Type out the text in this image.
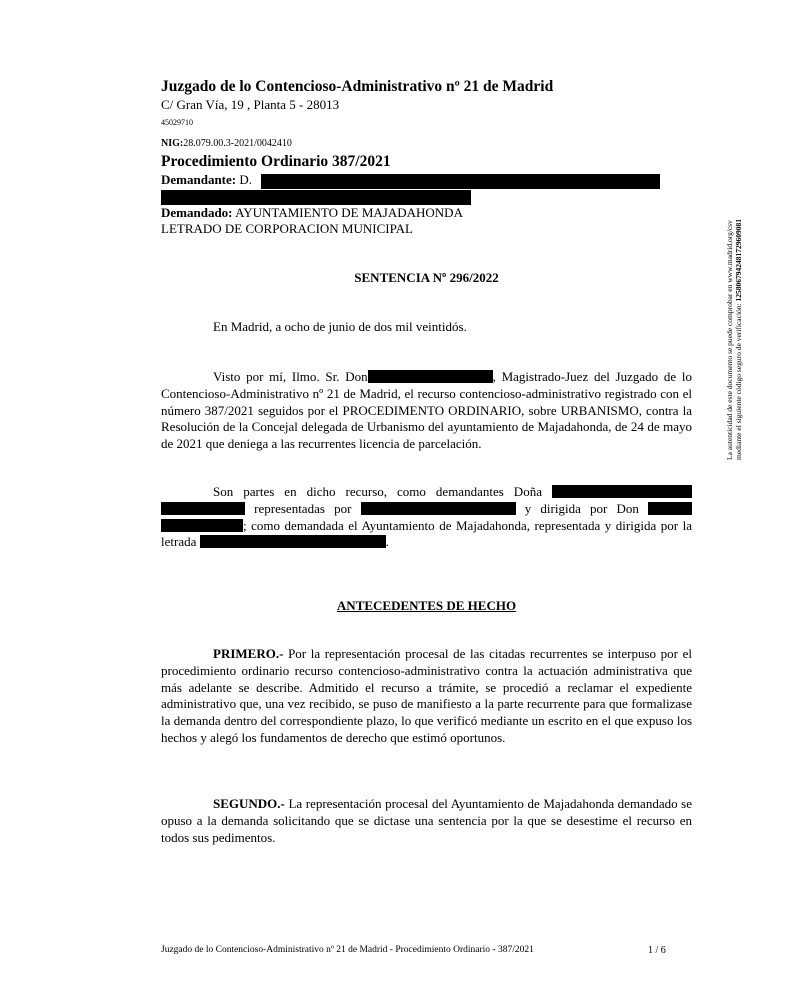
Juzgado de lo Contencioso-Administrativo nº 21 de Madrid
C/ Gran Vía, 19 , Planta 5 - 28013
45029710
NIG:28.079.00.3-2021/0042410
Procedimiento Ordinario 387/2021
Demandante: D.
Demandado: AYUNTAMIENTO DE MAJADAHONDA
LETRADO DE CORPORACION MUNICIPAL
SENTENCIA Nº 296/2022
En Madrid, a ocho de junio de dos mil veintidós.
Visto por mí, Ilmo. Sr. Don	, Magistrado-Juez del Juzgado de lo Contencioso-Administrativo nº 21 de Madrid, el recurso contencioso-administrativo registrado con el número 387/2021 seguidos por el PROCEDIMENTO ORDINARIO, sobre URBANISMO, contra la Resolución de la Concejal delegada de Urbanismo del ayuntamiento de Majadahonda, de 24 de mayo de 2021 que deniega a las recurrentes licencia de parcelación.
Son partes en dicho recurso, como demandantes Doña   representadas por	y dirigida por Don  ; como demandada el Ayuntamiento de Majadahonda, representada y dirigida por la letrada	.
ANTECEDENTES DE HECHO
PRIMERO.- Por la representación procesal de las citadas recurrentes se interpuso por el procedimiento ordinario recurso contencioso-administrativo contra la actuación administrativa que más adelante se describe. Admitido el recurso a trámite, se procedió a reclamar el expediente administrativo que, una vez recibido, se puso de manifiesto a la parte recurrente para que formalizase la demanda dentro del correspondiente plazo, lo que verificó mediante un escrito en el que expuso los hechos y alegó los fundamentos de derecho que estimó oportunos.
SEGUNDO.- La representación procesal del Ayuntamiento de Majadahonda demandado se opuso a la demanda solicitando que se dictase una sentencia por la que se desestime el recurso en todos sus pedimentos.
La autenticidad de este documento se puede comprobar en www.madrid.org/csv mediante el siguiente código seguro de verificación: 1258067942481729609081
Juzgado de lo Contencioso-Administrativo nº 21 de Madrid - Procedimiento Ordinario - 387/2021	1 / 6
